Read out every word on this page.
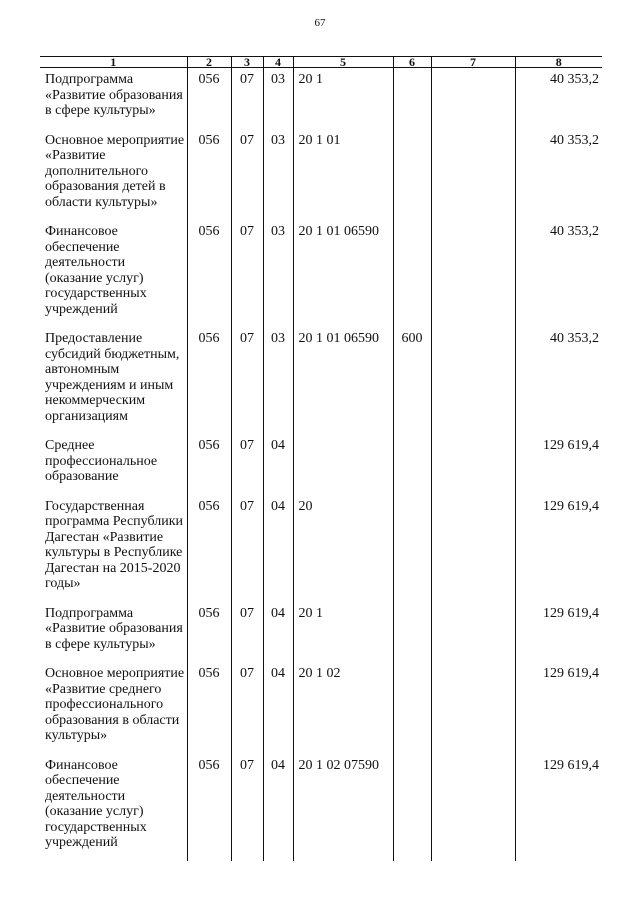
67
1	2	3	4	5	6	7	8
Подпрограмма «Развитие образования в сфере культуры»	056	07	03	20 1			40 353,2
Основное мероприятие «Развитие дополнительного образования детей в области культуры»	056	07	03	20 1 01			40 353,2
Финансовое обеспечение деятельности (оказание услуг) государственных учреждений	056	07	03	20 1 01 06590			40 353,2
Предоставление субсидий бюджетным, автономным учреждениям и иным некоммерческим организациям	056	07	03	20 1 01 06590	600		40 353,2
Среднее профессиональное образование	056	07	04				129 619,4
Государственная программа Республики Дагестан «Развитие культуры в Республике Дагестан на 2015-2020 годы»	056	07	04	20			129 619,4
Подпрограмма «Развитие образования в сфере культуры»	056	07	04	20 1			129 619,4
Основное мероприятие «Развитие среднего профессионального образования в области культуры»	056	07	04	20 1 02			129 619,4
Финансовое обеспечение деятельности (оказание услуг) государственных учреждений	056	07	04	20 1 02 07590			129 619,4
